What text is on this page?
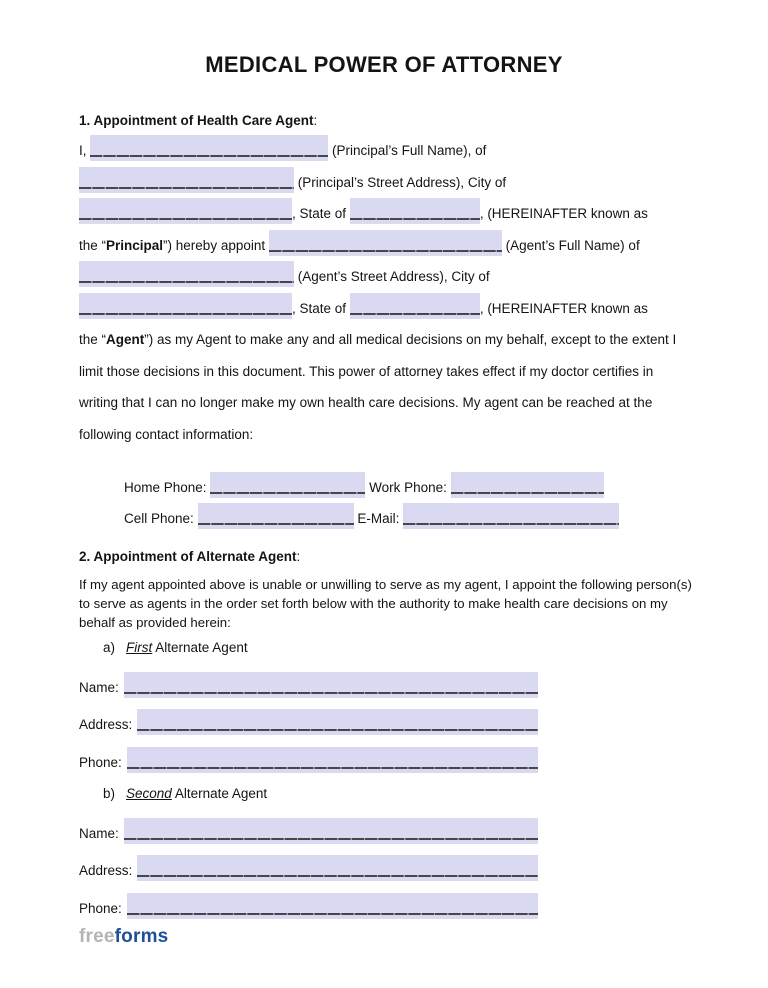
MEDICAL POWER OF ATTORNEY
1. Appointment of Health Care Agent:
I,	(Principal’s Full Name), of
(Principal’s Street Address), City of
, State of	, (HEREINAFTER known as
the “Principal”) hereby appoint	(Agent’s Full Name) of
(Agent’s Street Address), City of
, State of	, (HEREINAFTER known as
the “Agent”) as my Agent to make any and all medical decisions on my behalf, except to the extent I limit those decisions in this document. This power of attorney takes effect if my doctor certifies in writing that I can no longer make my own health care decisions. My agent can be reached at the following contact information:
Home Phone:	Work Phone:
Cell Phone:	E-Mail:
2. Appointment of Alternate Agent:
If my agent appointed above is unable or unwilling to serve as my agent, I appoint the following person(s) to serve as agents in the order set forth below with the authority to make health care decisions on my behalf as provided herein:
a) First Alternate Agent
Name:
Address:
Phone:
b) Second Alternate Agent
Name:
Address:
Phone:
freeforms
